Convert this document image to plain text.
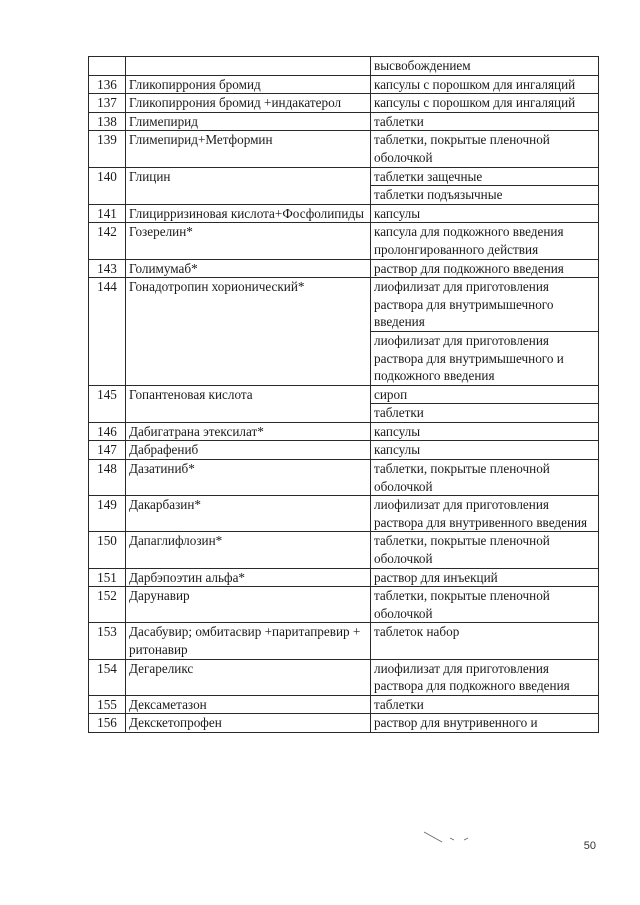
		высвобождением
136	Гликопиррония бромид	капсулы с порошком для ингаляций
137	Гликопиррония бромид +индакатерол	капсулы с порошком для ингаляций
138	Глимепирид	таблетки
139	Глимепирид+Метформин	таблетки, покрытые пленочной оболочкой
140	Глицин	таблетки защечные
		таблетки подъязычные
141	Глицирризиновая кислота+Фосфолипиды	капсулы
142	Гозерелин*	капсула для подкожного введения пролонгированного действия
143	Голимумаб*	раствор для подкожного введения
144	Гонадотропин хорионический*	лиофилизат для приготовления раствора для внутримышечного введения
		лиофилизат для приготовления раствора для внутримышечного и подкожного введения
145	Гопантеновая кислота	сироп
		таблетки
146	Дабигатрана этексилат*	капсулы
147	Дабрафениб	капсулы
148	Дазатиниб*	таблетки, покрытые пленочной оболочкой
149	Дакарбазин*	лиофилизат для приготовления раствора для внутривенного введения
150	Дапаглифлозин*	таблетки, покрытые пленочной оболочкой
151	Дарбэпоэтин альфа*	раствор для инъекций
152	Дарунавир	таблетки, покрытые пленочной оболочкой
153	Дасабувир; омбитасвир +паритапревир + ритонавир	таблеток набор
154	Дегареликс	лиофилизат для приготовления раствора для подкожного введения
155	Дексаметазон	таблетки
156	Декскетопрофен	раствор для внутривенного и
50
